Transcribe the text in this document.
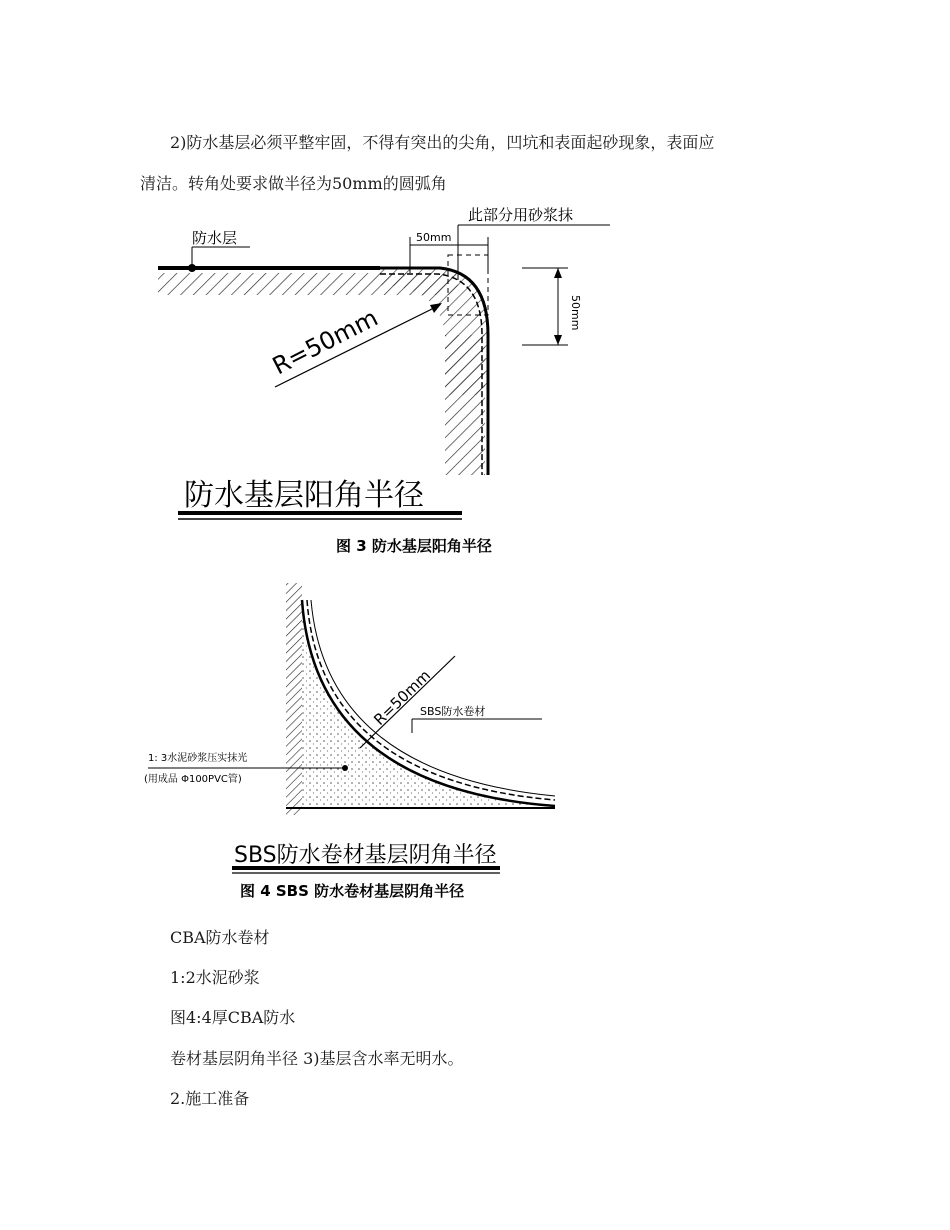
2)防水基层必须平整牢固，不得有突出的尖角，凹坑和表面起砂现象，表面应
清洁。转角处要求做半径为50mm的圆弧角
防水层
此部分用砂浆抹
50mm
50mm
R=50mm
防水基层阳角半径
图 3 防水基层阳角半径
R=50mm
SBS防水卷材
1: 3水泥砂浆压实抹光
(用成品 Φ100PVC管)
SBS防水卷材基层阴角半径
图 4 SBS 防水卷材基层阴角半径
CBA防水卷材
1:2水泥砂浆
图4:4厚CBA防水
卷材基层阴角半径 3)基层含水率无明水。
2.施工准备
